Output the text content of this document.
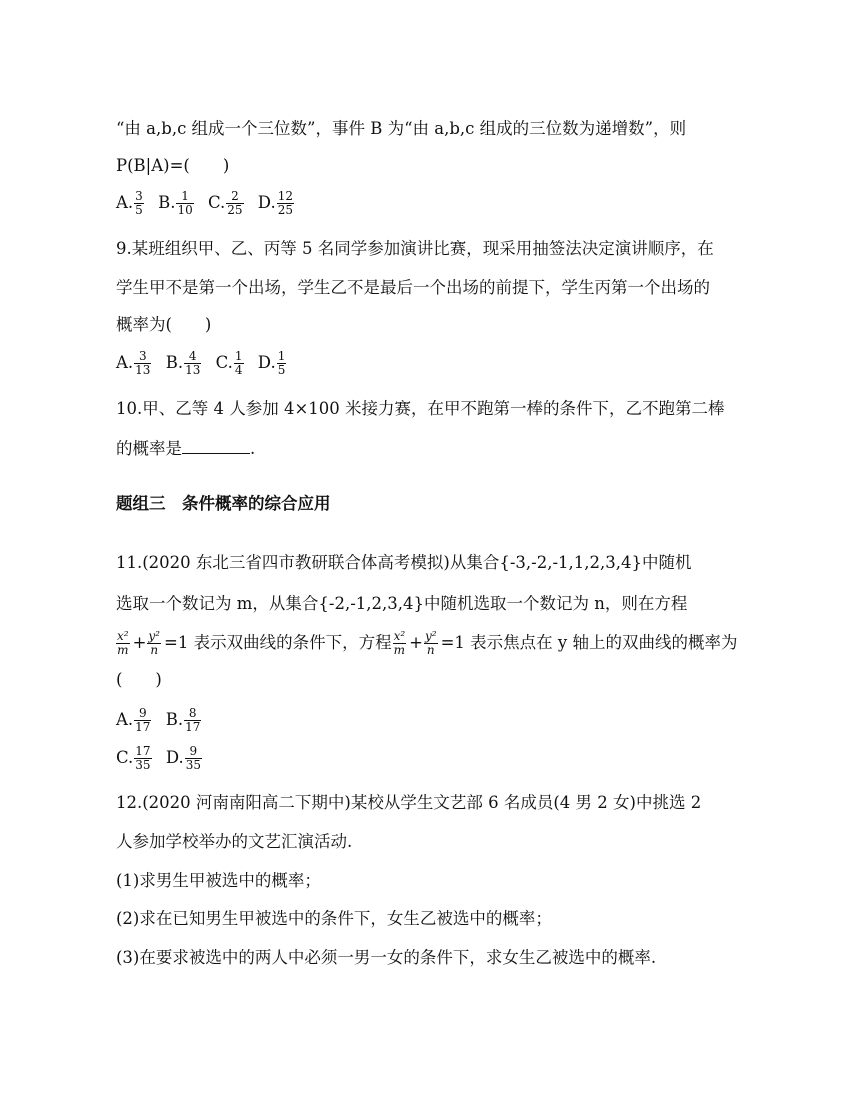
“由 a,b,c 组成一个三位数”，事件 B 为“由 a,b,c 组成的三位数为递增数”，则
P(B|A)=(　　)
A. $\frac{3}{5} B$. $\frac{1}{10} C$. $\frac{2}{25} D$. $\frac{12}{25}$
9.某班组织甲、乙、丙等 5 名同学参加演讲比赛，现采用抽签法决定演讲顺序，在
学生甲不是第一个出场，学生乙不是最后一个出场的前提下，学生丙第一个出场的
概率为(　　)
A. $\frac{3}{13} B$. $\frac{4}{13} C$. $\frac{1}{4} D$. $\frac{1}{5}$
10.甲、乙等 4 人参加 4×100 米接力赛，在甲不跑第一棒的条件下，乙不跑第二棒
的概率是	.
题组三　条件概率的综合应用
11.(2020 东北三省四市教研联合体高考模拟)从集合{-3,-2,-1,1,2,3,4}中随机
选取一个数记为 m，从集合{-2,-1,2,3,4}中随机选取一个数记为 n，则在方程
$\frac{\text{x²}}{m} + \frac{\text{y²}}{n} =1$ 表示双曲线的条件下，方程 $\frac{\text{x²}}{m} + \frac{\text{y²}}{n} =1$ 表示焦点在 y 轴上的双曲线的概率为
(　　)
A. $\frac{9}{17} B$. $\frac{8}{17}$
C. $\frac{17}{35} D$. $\frac{9}{35}$
12.(2020 河南南阳高二下期中)某校从学生文艺部 6 名成员(4 男 2 女)中挑选 2
人参加学校举办的文艺汇演活动.
(1)求男生甲被选中的概率；
(2)求在已知男生甲被选中的条件下，女生乙被选中的概率；
(3)在要求被选中的两人中必须一男一女的条件下，求女生乙被选中的概率.
